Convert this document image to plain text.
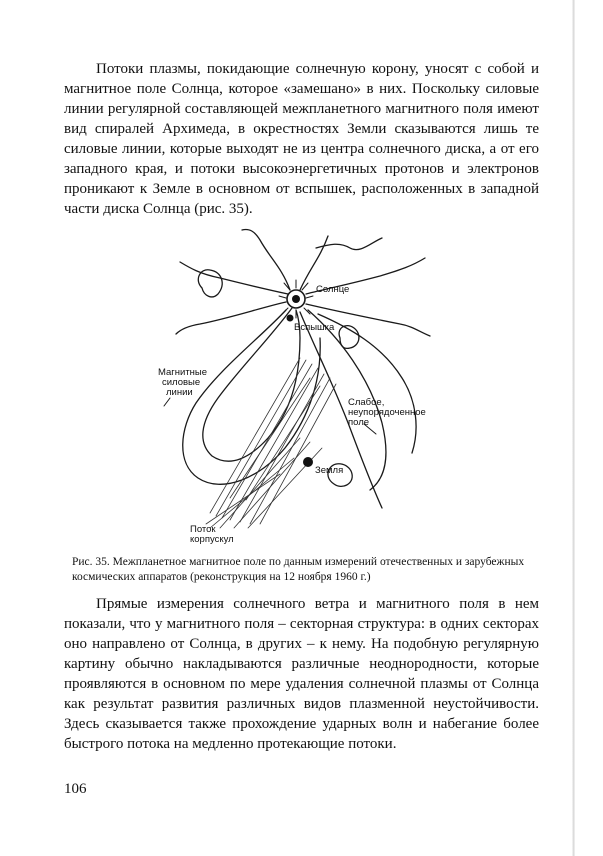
Потоки плазмы, покидающие солнечную корону, уносят с собой и магнитное поле Солнца, которое «замешано» в них. Поскольку силовые линии регулярной составляющей межпланетного магнитного поля имеют вид спиралей Архимеда, в окрестностях Земли сказываются лишь те силовые линии, которые выходят не из центра солнечного диска, а от его западного края, и потоки высокоэнергетичных протонов и электронов проникают к Земле в основном от вспышек, расположенных в западной части диска Солнца (рис. 35).

Солнце
Вспышка
Магнитные
силовые
линии
Слабое,
неупорядоченное
поле
Земля
Поток
корпускул

Рис. 35. Межпланетное магнитное поле по данным измерений отечественных и зарубежных космических аппаратов (реконструкция на 12 ноября 1960 г.)

Прямые измерения солнечного ветра и магнитного поля в нем показали, что у магнитного поля – секторная структура: в одних секторах оно направлено от Солнца, в других – к нему. На подобную регулярную картину обычно накладываются различные неоднородности, которые проявляются в основном по мере удаления солнечной плазмы от Солнца как результат развития различных видов плазменной неустойчивости. Здесь сказывается также прохождение ударных волн и набегание более быстрого потока на медленно протекающие потоки.

106
